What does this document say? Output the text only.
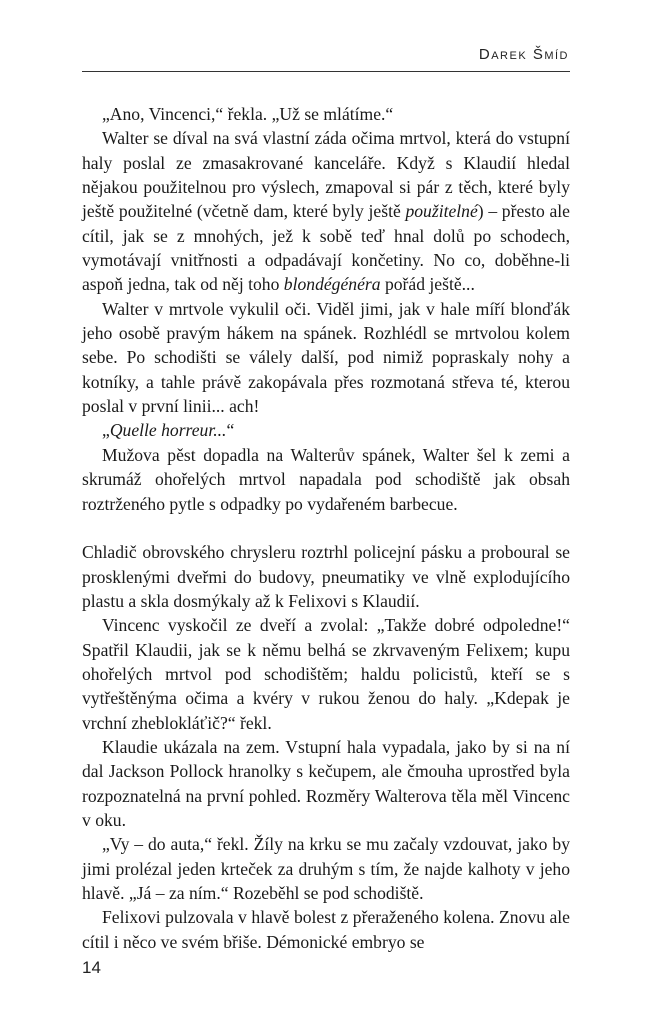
Darek Šmíd

„Ano, Vincenci,“ řekla. „Už se mlátíme.“

Walter se díval na svá vlastní záda očima mrtvol, která do vstupní haly poslal ze zmasakrované kanceláře. Když s Klaudií hledal nějakou použitelnou pro výslech, zmapoval si pár z těch, které byly ještě použitelné (včetně dam, které byly ještě použitelné) – přesto ale cítil, jak se z mnohých, jež k sobě teď hnal dolů po schodech, vymotávají vnitřnosti a odpadávají končetiny. No co, doběhne-li aspoň jedna, tak od něj toho blondégénéra pořád ještě...

Walter v mrtvole vykulil oči. Viděl jimi, jak v hale míří blonďák jeho osobě pravým hákem na spánek. Rozhlédl se mrtvolou kolem sebe. Po schodišti se válely další, pod nimiž popraskaly nohy a kotníky, a tahle právě zakopávala přes rozmotaná střeva té, kterou poslal v první linii... ach!

„Quelle horreur...“

Mužova pěst dopadla na Walterův spánek, Walter šel k zemi a skrumáž ohořelých mrtvol napadala pod schodiště jak obsah roztrženého pytle s odpadky po vydařeném barbecue.

Chladič obrovského chrysleru roztrhl policejní pásku a proboural se prosklenými dveřmi do budovy, pneumatiky ve vlně explodujícího plastu a skla dosmýkaly až k Felixovi s Klaudií.

Vincenc vyskočil ze dveří a zvolal: „Takže dobré odpoledne!“ Spatřil Klaudii, jak se k němu belhá se zkrvaveným Felixem; kupu ohořelých mrtvol pod schodištěm; haldu policistů, kteří se s vytřeštěnýma očima a kvéry v rukou ženou do haly. „Kdepak je vrchní zheblokláťič?“ řekl.

Klaudie ukázala na zem. Vstupní hala vypadala, jako by si na ní dal Jackson Pollock hranolky s kečupem, ale čmouha uprostřed byla rozpoznatelná na první pohled. Rozměry Walterova těla měl Vincenc v oku.

„Vy – do auta,“ řekl. Žíly na krku se mu začaly vzdouvat, jako by jimi prolézal jeden krteček za druhým s tím, že najde kalhoty v jeho hlavě. „Já – za ním.“ Rozeběhl se pod schodiště.

Felixovi pulzovala v hlavě bolest z přeraženého kolena. Znovu ale cítil i něco ve svém břiše. Démonické embryo se

14
